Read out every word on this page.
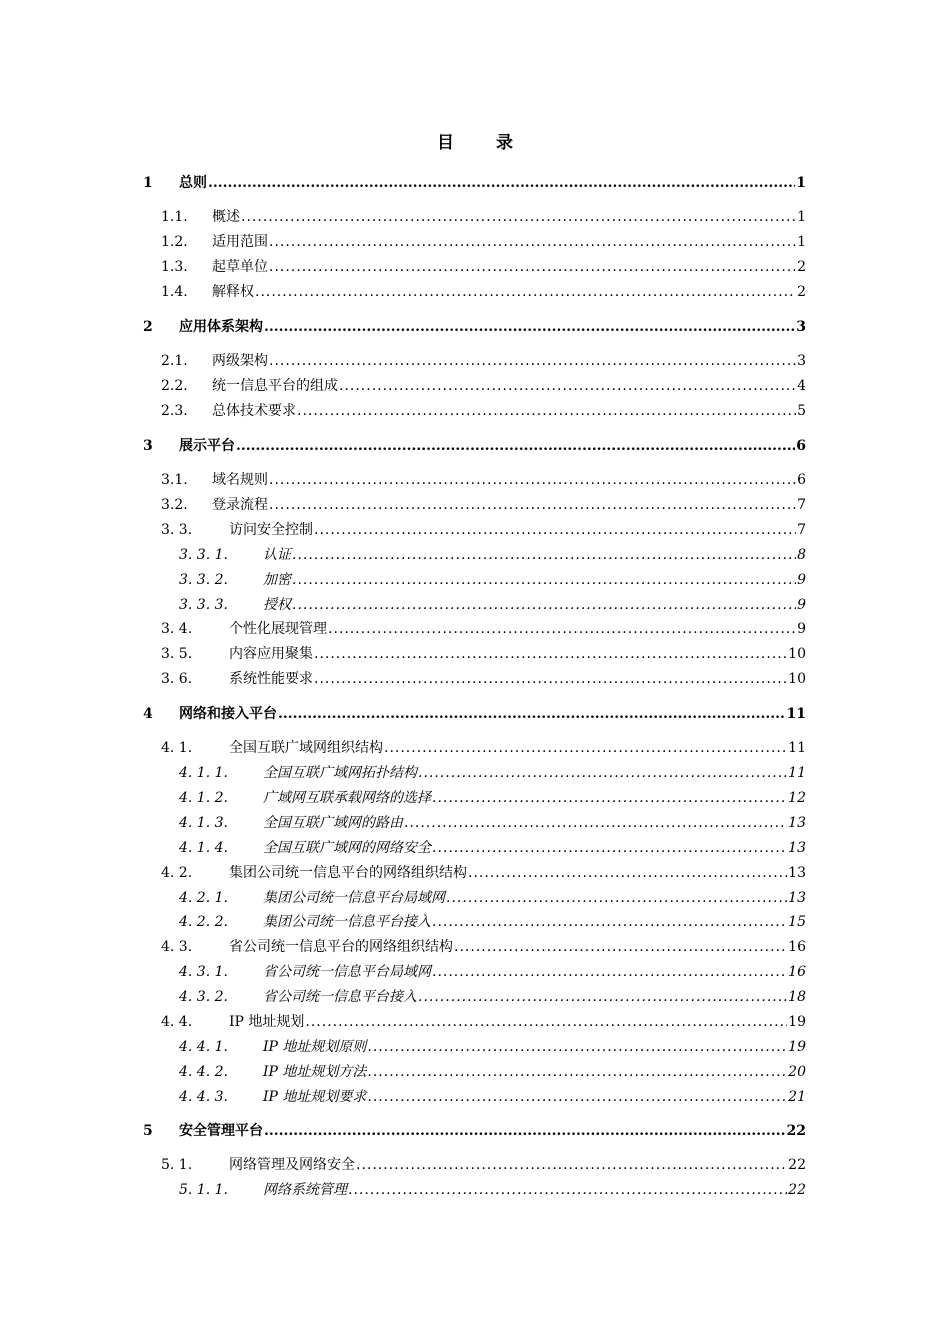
目 录
1	总则 .....	1
1.1.	概述 .....	1
1.2.	适用范围 .....	1
1.3.	起草单位 .....	2
1.4.	解释权 .....	2
2	应用体系架构 .....	3
2.1.	两级架构 .....	3
2.2.	统一信息平台的组成 .....	4
2.3.	总体技术要求 .....	5
3	展示平台 .....	6
3.1.	域名规则 .....	6
3.2.	登录流程 .....	7
3. 3.	访问安全控制 .....	7
3. 3. 1.	认证 .....	8
3. 3. 2.	加密 .....	9
3. 3. 3.	授权 .....	9
3. 4.	个性化展现管理 .....	9
3. 5.	内容应用聚集 .....	10
3. 6.	系统性能要求 .....	10
4	网络和接入平台 .....	11
4. 1.	全国互联广域网组织结构 .....	11
4. 1. 1.	全国互联广域网拓扑结构 .....	11
4. 1. 2.	广域网互联承载网络的选择 .....	12
4. 1. 3.	全国互联广域网的路由 .....	13
4. 1. 4.	全国互联广域网的网络安全 .....	13
4. 2.	集团公司统一信息平台的网络组织结构 .....	13
4. 2. 1.	集团公司统一信息平台局域网 .....	13
4. 2. 2.	集团公司统一信息平台接入 .....	15
4. 3.	省公司统一信息平台的网络组织结构 .....	16
4. 3. 1.	省公司统一信息平台局域网 .....	16
4. 3. 2.	省公司统一信息平台接入 .....	18
4. 4.	IP 地址规划 .....	19
4. 4. 1.	IP 地址规划原则 .....	19
4. 4. 2.	IP 地址规划方法 .....	20
4. 4. 3.	IP 地址规划要求 .....	21
5	安全管理平台 .....	22
5. 1.	网络管理及网络安全 .....	22
5. 1. 1.	网络系统管理 .....	22
